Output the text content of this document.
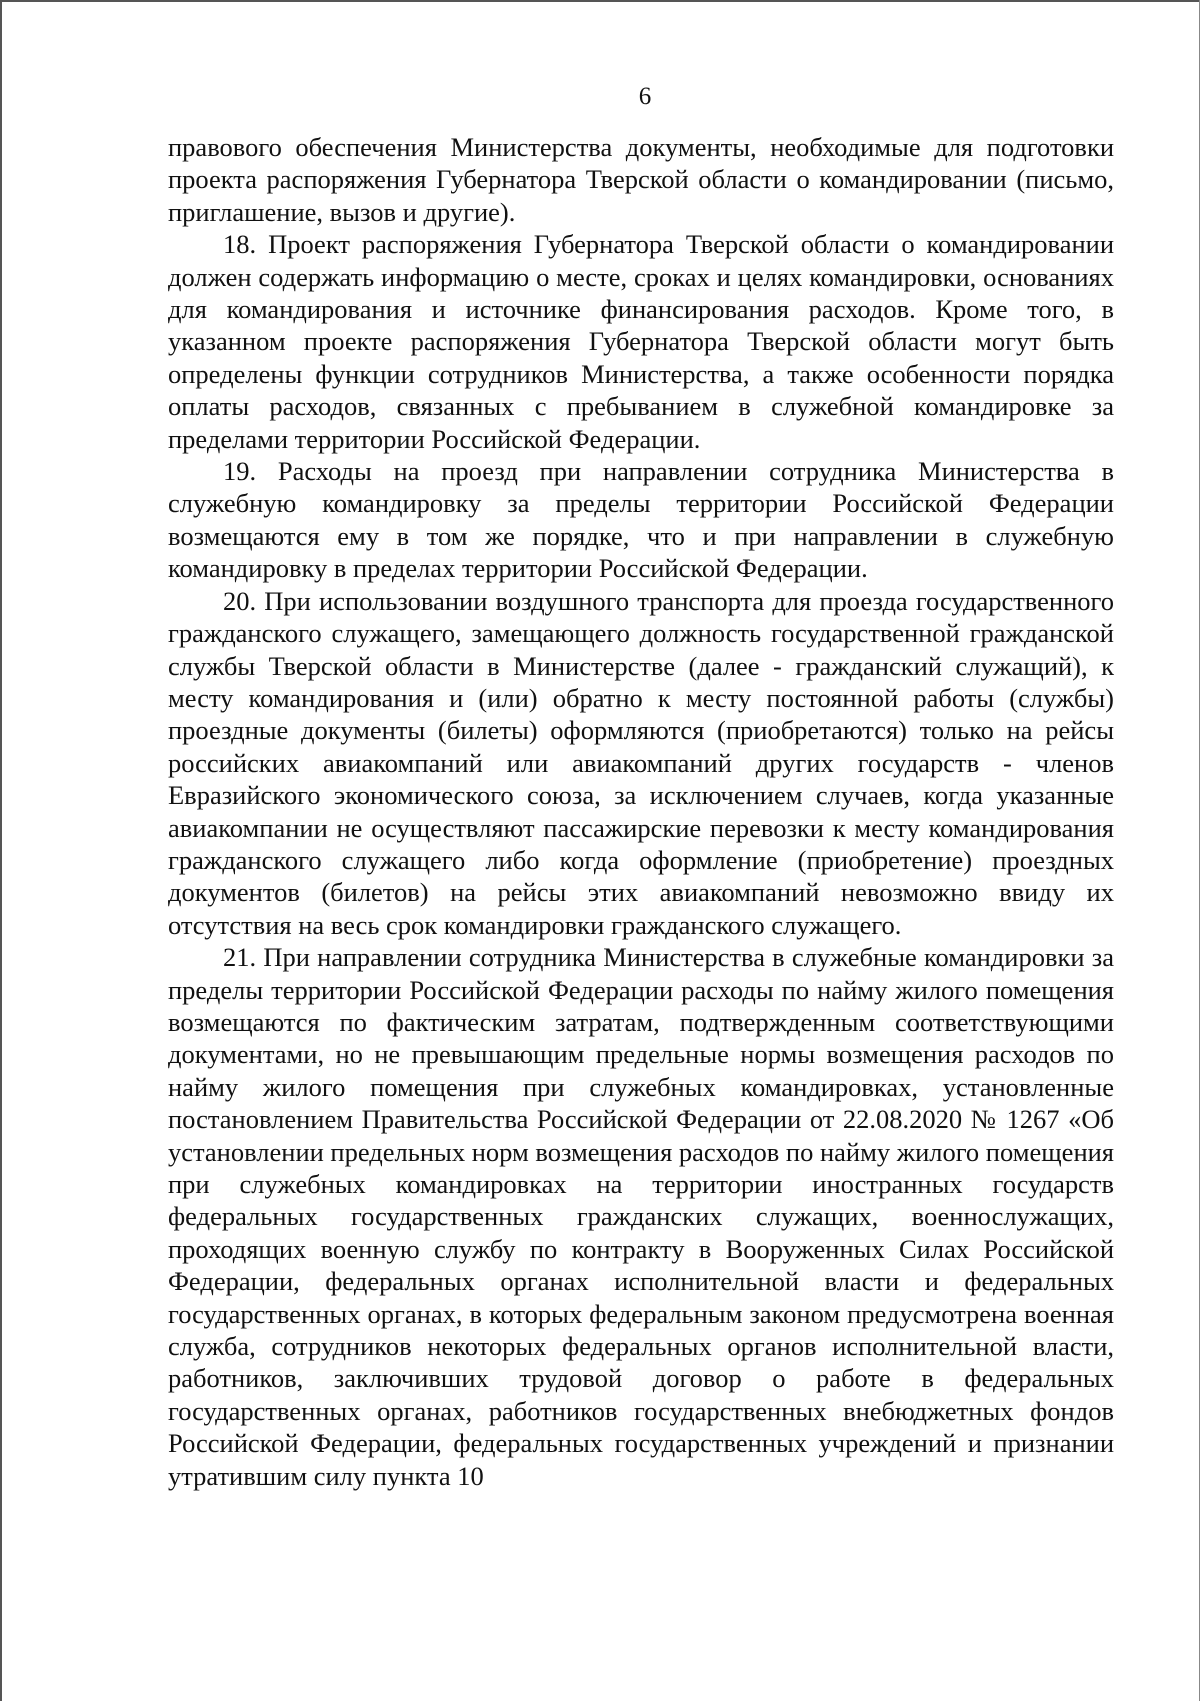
6

правового обеспечения Министерства документы, необходимые для подготовки проекта распоряжения Губернатора Тверской области о командировании (письмо, приглашение, вызов и другие).

18. Проект распоряжения Губернатора Тверской области о командировании должен содержать информацию о месте, сроках и целях командировки, основаниях для командирования и источнике финансирования расходов. Кроме того, в указанном проекте распоряжения Губернатора Тверской области могут быть определены функции сотрудников Министерства, а также особенности порядка оплаты расходов, связанных с пребыванием в служебной командировке за пределами территории Российской Федерации.

19. Расходы на проезд при направлении сотрудника Министерства в служебную командировку за пределы территории Российской Федерации возмещаются ему в том же порядке, что и при направлении в служебную командировку в пределах территории Российской Федерации.

20. При использовании воздушного транспорта для проезда государственного гражданского служащего, замещающего должность государственной гражданской службы Тверской области в Министерстве (далее - гражданский служащий), к месту командирования и (или) обратно к месту постоянной работы (службы) проездные документы (билеты) оформляются (приобретаются) только на рейсы российских авиакомпаний или авиакомпаний других государств - членов Евразийского экономического союза, за исключением случаев, когда указанные авиакомпании не осуществляют пассажирские перевозки к месту командирования гражданского служащего либо когда оформление (приобретение) проездных документов (билетов) на рейсы этих авиакомпаний невозможно ввиду их отсутствия на весь срок командировки гражданского служащего.

21. При направлении сотрудника Министерства в служебные командировки за пределы территории Российской Федерации расходы по найму жилого помещения возмещаются по фактическим затратам, подтвержденным соответствующими документами, но не превышающим предельные нормы возмещения расходов по найму жилого помещения при служебных командировках, установленные постановлением Правительства Российской Федерации от 22.08.2020 № 1267 «Об установлении предельных норм возмещения расходов по найму жилого помещения при служебных командировках на территории иностранных государств федеральных государственных гражданских служащих, военнослужащих, проходящих военную службу по контракту в Вооруженных Силах Российской Федерации, федеральных органах исполнительной власти и федеральных государственных органах, в которых федеральным законом предусмотрена военная служба, сотрудников некоторых федеральных органов исполнительной власти, работников, заключивших трудовой договор о работе в федеральных государственных органах, работников государственных внебюджетных фондов Российской Федерации, федеральных государственных учреждений и признании утратившим силу пункта 10
